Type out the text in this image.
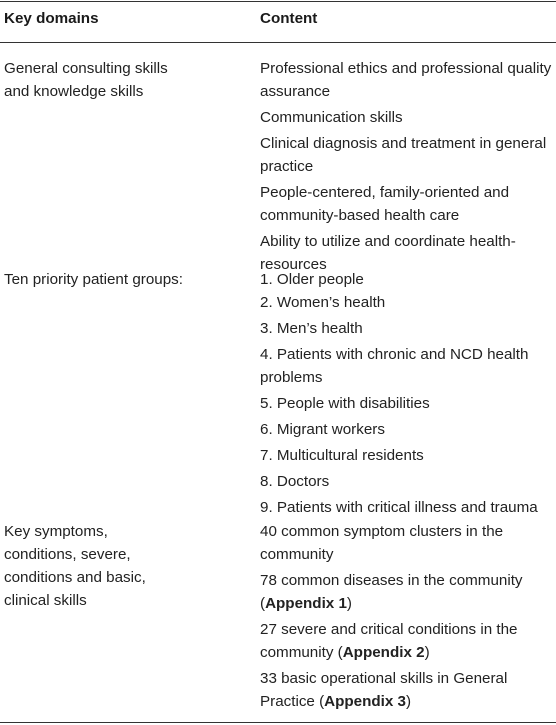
Key domains	Content
General consulting skills and knowledge skills
Professional ethics and professional quality assurance
Communication skills
Clinical diagnosis and treatment in general practice
People-centered, family-oriented and community-based health care
Ability to utilize and coordinate health-resources
Ten priority patient groups:	1. Older people
2. Women’s health
3. Men’s health
4. Patients with chronic and NCD health problems
5. People with disabilities
6. Migrant workers
7. Multicultural residents
8. Doctors
9. Patients with critical illness and trauma
Key symptoms, conditions, severe, conditions and basic, clinical skills
40 common symptom clusters in the community
78 common diseases in the community (Appendix 1)
27 severe and critical conditions in the community (Appendix 2)
33 basic operational skills in General Practice (Appendix 3)
